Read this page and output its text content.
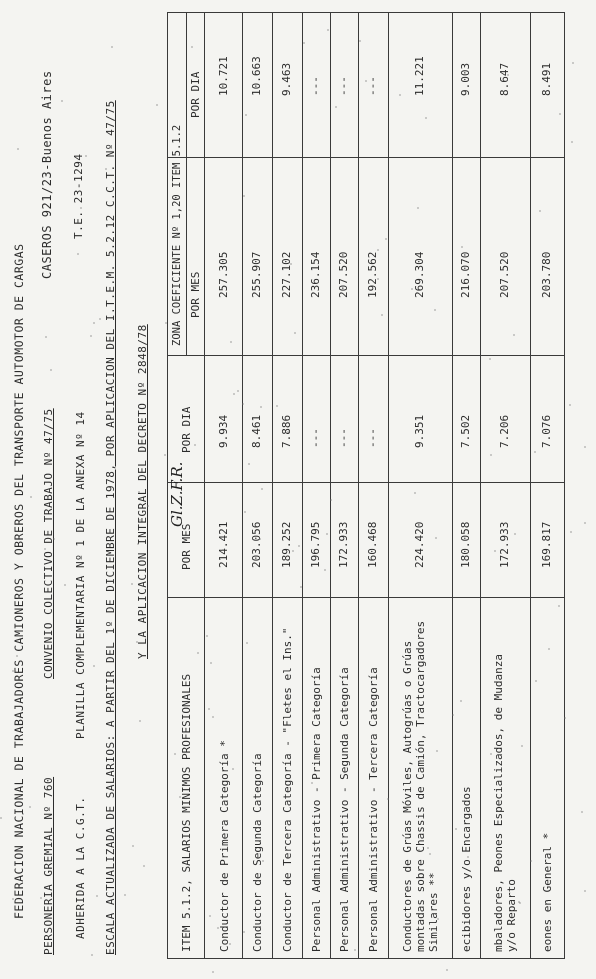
FEDERACION NACIONAL DE TRABAJADORES CAMIONEROS Y OBREROS DEL TRANSPORTE AUTOMOTOR DE CARGAS PERSONERIA GREMIAL Nº 760
CONVENIO COLECTIVO DE TRABAJO Nº 47/75
CASEROS 921/23-Buenos Aires
ADHERIDA A LA C.G.T.
PLANILLA COMPLEMENTARIA Nº 1 DE LA ANEXA Nº 14
T.E. 23-1294 ESCALA ACTUALIZADA DE SALARIOS: A PARTIR DEL 1º DE DICIEMBRE DE 1978, POR APLICACION DEL I.T.E.M. 5.2.12 C.C.T. Nº 47/75 Y LA APLICACION INTEGRAL DEL DECRETO Nº 2848/78
ITEM 5.1.2, SALARIOS MINIMOS PROFESIONALES
POR MES
POR DIA
ZONA COEFICIENTE Nº 1,20 ITEM 5.1.2 POR MES
POR DIA
Conductor de Primera Categoría *
214.421
9.934
257.305
10.721
Conductor de Segunda Categoría
203.056
8.461
255.907
10.663
Conductor de Tercera Categoría - "Fletes el Ins."
189.252
7.886
227.102
9.463
Personal Administrativo - Primera Categoría
196.795
---
236.154
---
Personal Administrativo - Segunda Categoría
172.933
---
207.520
---
Personal Administrativo - Tercera Categoría
160.468
---
192.562
---
Conductores de Grúas Móviles, Autogrúas o Grúas montadas sobre Chassis de Camión, Tractocargadores Similares **
224.420
9.351
269.304
11.221
ecibidores y/o Encargados
180.058
7.502
216.070
9.003
mbaladores, Peones Especializados, de Mudanza y/o Reparto
172.933
7.206
207.520
8.647
eones en General *
169.817
7.076
203.780
8.491
Gl.Z.F.R.
